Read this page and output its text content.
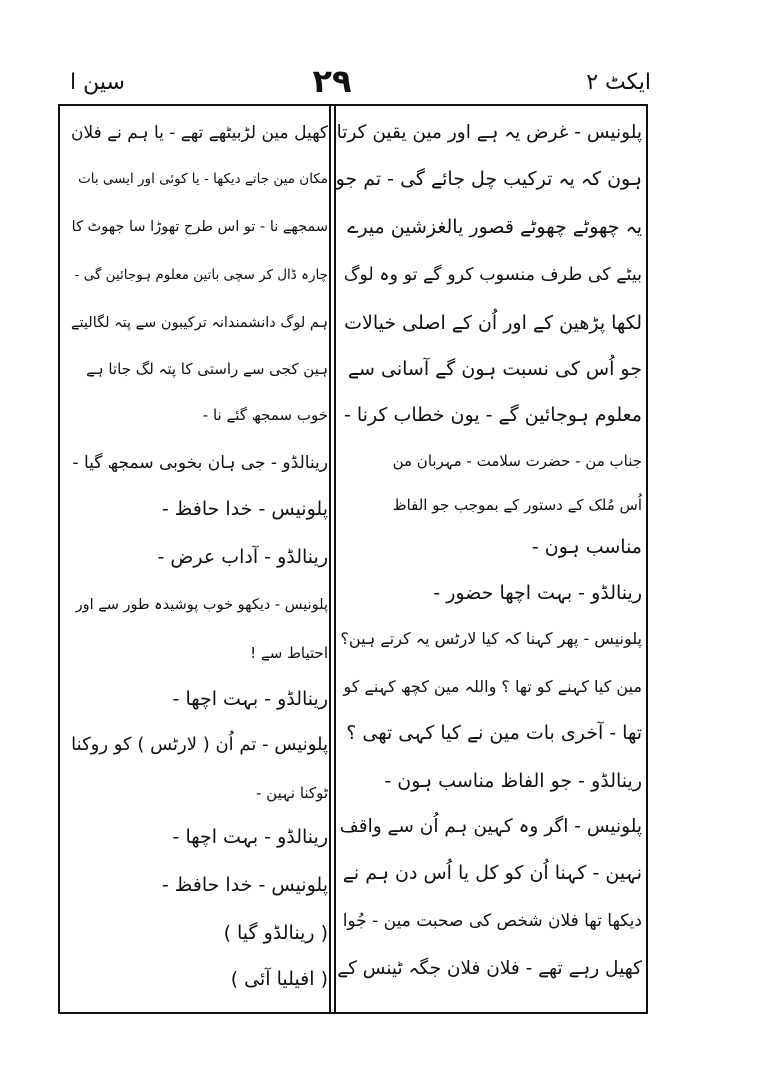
سین ا	۲۹	ایکٹ ۲
پلونیس - غرض یہ ہے اور مین یقین کرتا
ہون کہ یہ ترکیب چل جائے گی - تم جو
یہ چھوٹے چھوٹے قصور یالغزشین میرے
بیٹے کی طرف منسوب کرو گے تو وہ لوگ
لکھا پڑھین کے اور اُن کے اصلی خیالات
جو اُس کی نسبت ہون گے آسانی سے
معلوم ہوجائین گے - یون خطاب کرنا -
جناب من - حضرت سلامت - مہربان من
اُس مُلک کے دستور کے بموجب جو الفاظ
مناسب ہون -
رینالڈو - بہت اچھا حضور -
پلونیس - پھر کہنا کہ کیا لارٹس یہ کرتے ہین؟
مین کیا کہنے کو تھا ؟ واللہ مین کچھ کہنے کو
تھا - آخری بات مین نے کیا کہی تھی ؟
رینالڈو - جو الفاظ مناسب ہون -
پلونیس - اگر وہ کہین ہم اُن سے واقف
نہین - کہنا اُن کو کل یا اُس دن ہم نے
دیکھا تھا فلان شخص کی صحبت مین - جُوا
کھیل رہے تھے - فلان فلان جگہ ٹینس کے
کھیل مین لڑبیٹھے تھے - یا ہم نے فلان
مکان مین جاتے دیکھا - یا کوئی اور ایسی بات
سمجھے نا - تو اس طرح تھوڑا سا جھوٹ کا
چارہ ڈال کر سچی باتین معلوم ہوجائین گی -
ہم لوگ دانشمندانہ ترکیبون سے پتہ لگالیتے
ہین کجی سے راستی کا پتہ لگ جاتا ہے
خوب سمجھ گئے نا -
رینالڈو - جی ہان بخوبی سمجھ گیا -
پلونیس - خدا حافظ -
رینالڈو - آداب عرض -
پلونیس - دیکھو خوب پوشیدہ طور سے اور
احتیاط سے !
رینالڈو - بہت اچھا -
پلونیس - تم اُن ( لارٹس ) کو روکنا
ٹوکنا نہین -
رینالڈو - بہت اچھا -
پلونیس - خدا حافظ -
( رینالڈو گیا )
( افیلیا آئی )
